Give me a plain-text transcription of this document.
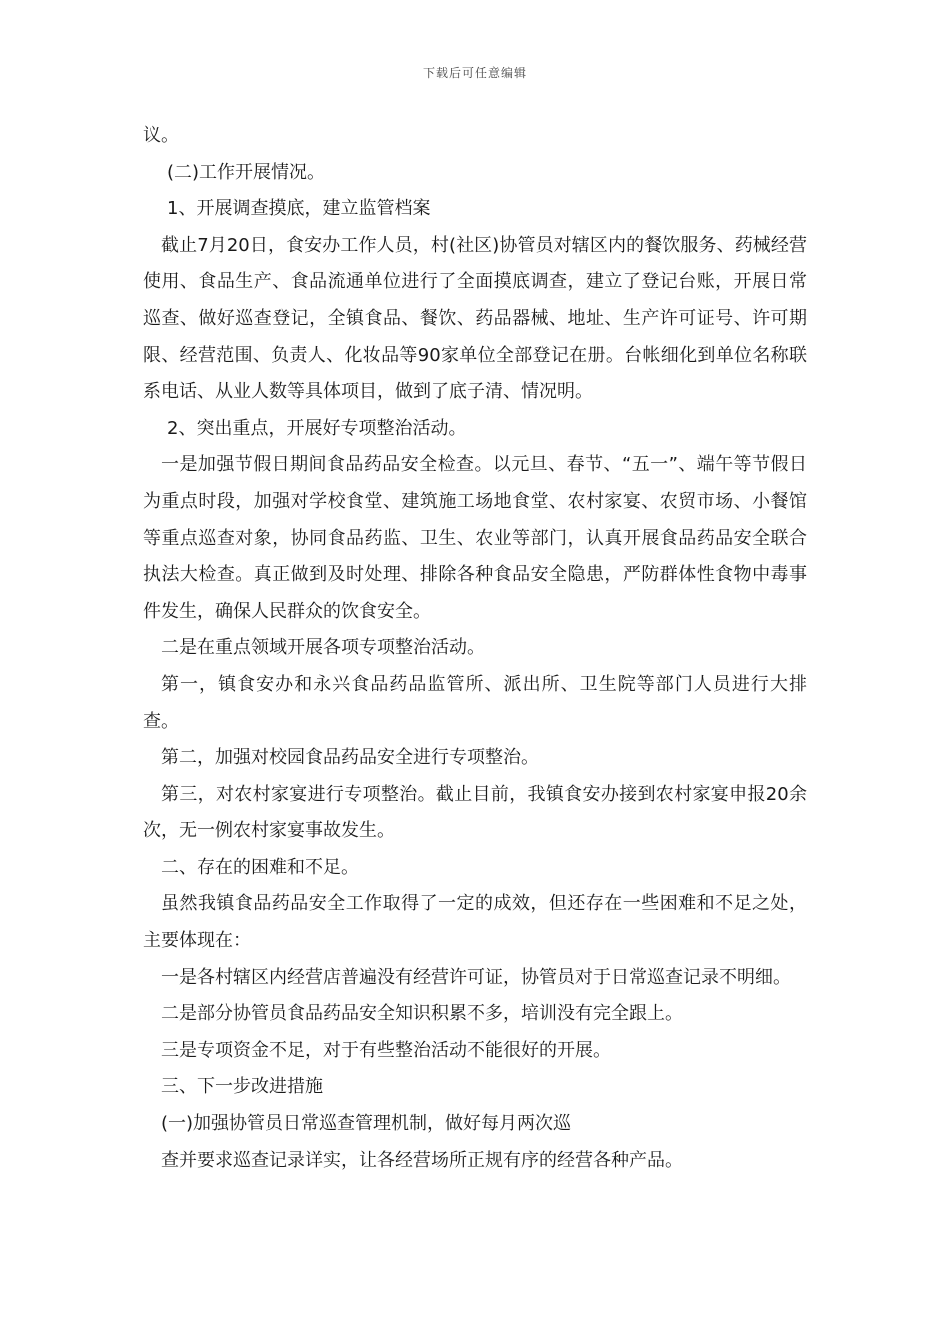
下载后可任意编辑

议。

(二)工作开展情况。

1、开展调查摸底，建立监管档案

截止7月20日，食安办工作人员，村(社区)协管员对辖区内的餐饮服务、药械经营使用、食品生产、食品流通单位进行了全面摸底调查，建立了登记台账，开展日常巡查、做好巡查登记，全镇食品、餐饮、药品器械、地址、生产许可证号、许可期限、经营范围、负责人、化妆品等90家单位全部登记在册。台帐细化到单位名称联系电话、从业人数等具体项目，做到了底子清、情况明。

2、突出重点，开展好专项整治活动。

一是加强节假日期间食品药品安全检查。以元旦、春节、“五一”、端午等节假日为重点时段，加强对学校食堂、建筑施工场地食堂、农村家宴、农贸市场、小餐馆等重点巡查对象，协同食品药监、卫生、农业等部门，认真开展食品药品安全联合执法大检查。真正做到及时处理、排除各种食品安全隐患，严防群体性食物中毒事件发生，确保人民群众的饮食安全。

二是在重点领域开展各项专项整治活动。

第一，镇食安办和永兴食品药品监管所、派出所、卫生院等部门人员进行大排查。

第二，加强对校园食品药品安全进行专项整治。

第三，对农村家宴进行专项整治。截止目前，我镇食安办接到农村家宴申报20余次，无一例农村家宴事故发生。

二、存在的困难和不足。

虽然我镇食品药品安全工作取得了一定的成效，但还存在一些困难和不足之处，主要体现在：

一是各村辖区内经营店普遍没有经营许可证，协管员对于日常巡查记录不明细。

二是部分协管员食品药品安全知识积累不多，培训没有完全跟上。

三是专项资金不足，对于有些整治活动不能很好的开展。

三、下一步改进措施

(一)加强协管员日常巡查管理机制，做好每月两次巡

查并要求巡查记录详实，让各经营场所正规有序的经营各种产品。
